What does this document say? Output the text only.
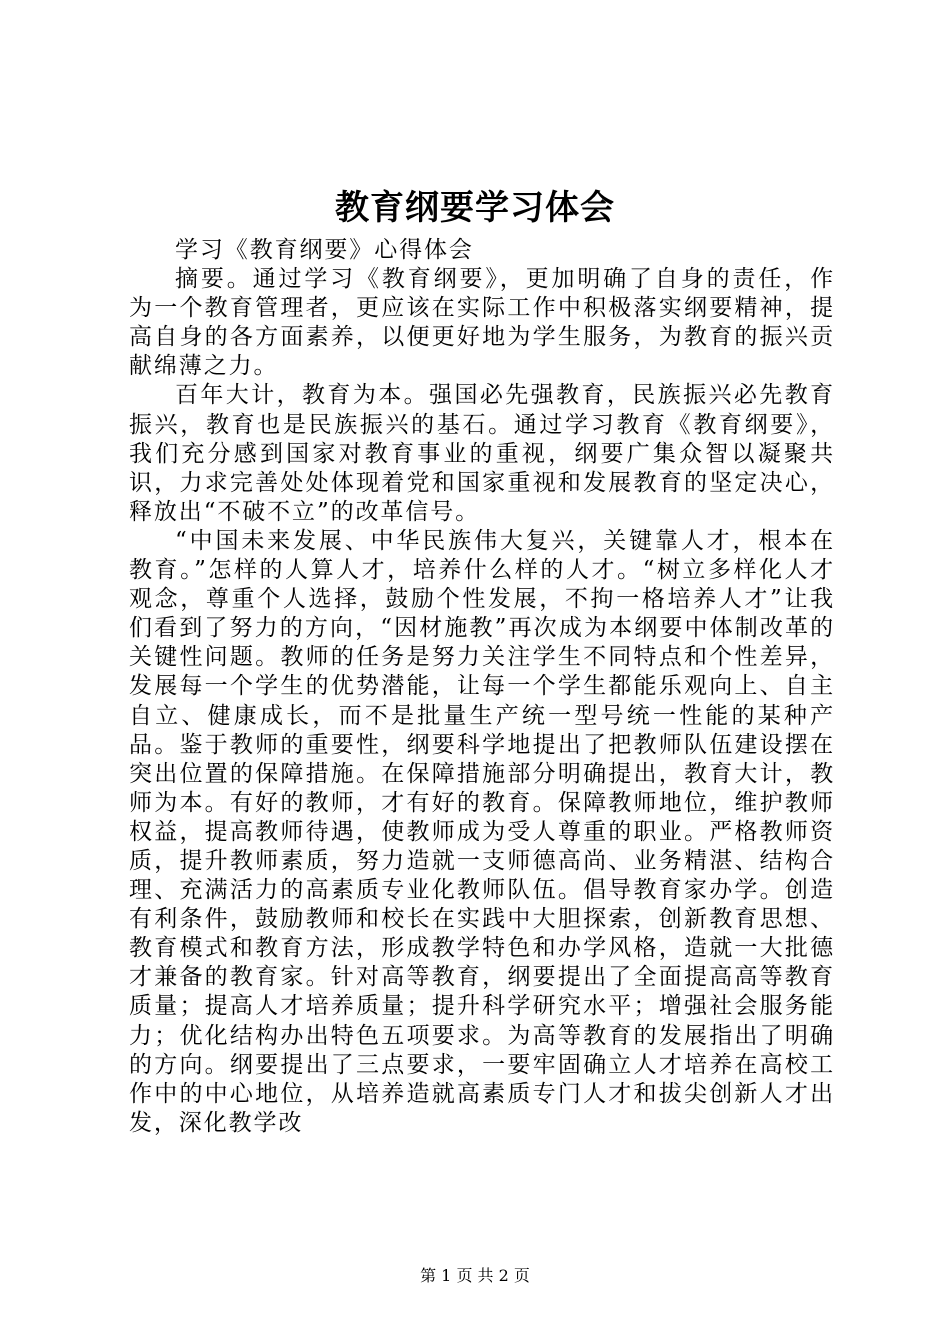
教育纲要学习体会

学习《教育纲要》心得体会

摘要。通过学习《教育纲要》，更加明确了自身的责任，作为一个教育管理者，更应该在实际工作中积极落实纲要精神，提高自身的各方面素养，以便更好地为学生服务，为教育的振兴贡献绵薄之力。

百年大计，教育为本。强国必先强教育，民族振兴必先教育振兴，教育也是民族振兴的基石。通过学习教育《教育纲要》，我们充分感到国家对教育事业的重视，纲要广集众智以凝聚共识，力求完善处处体现着党和国家重视和发展教育的坚定决心，释放出“不破不立”的改革信号。

“中国未来发展、中华民族伟大复兴，关键靠人才，根本在教育。”怎样的人算人才，培养什么样的人才。“树立多样化人才观念，尊重个人选择，鼓励个性发展，不拘一格培养人才”让我们看到了努力的方向，“因材施教”再次成为本纲要中体制改革的关键性问题。教师的任务是努力关注学生不同特点和个性差异，发展每一个学生的优势潜能，让每一个学生都能乐观向上、自主自立、健康成长，而不是批量生产统一型号统一性能的某种产品。鉴于教师的重要性，纲要科学地提出了把教师队伍建设摆在突出位置的保障措施。在保障措施部分明确提出，教育大计，教师为本。有好的教师，才有好的教育。保障教师地位，维护教师权益，提高教师待遇，使教师成为受人尊重的职业。严格教师资质，提升教师素质，努力造就一支师德高尚、业务精湛、结构合理、充满活力的高素质专业化教师队伍。倡导教育家办学。创造有利条件，鼓励教师和校长在实践中大胆探索，创新教育思想、教育模式和教育方法，形成教学特色和办学风格，造就一大批德才兼备的教育家。针对高等教育，纲要提出了全面提高高等教育质量；提高人才培养质量；提升科学研究水平；增强社会服务能力；优化结构办出特色五项要求。为高等教育的发展指出了明确的方向。纲要提出了三点要求，一要牢固确立人才培养在高校工作中的中心地位，从培养造就高素质专门人才和拔尖创新人才出发，深化教学改

第 1 页 共 2 页
